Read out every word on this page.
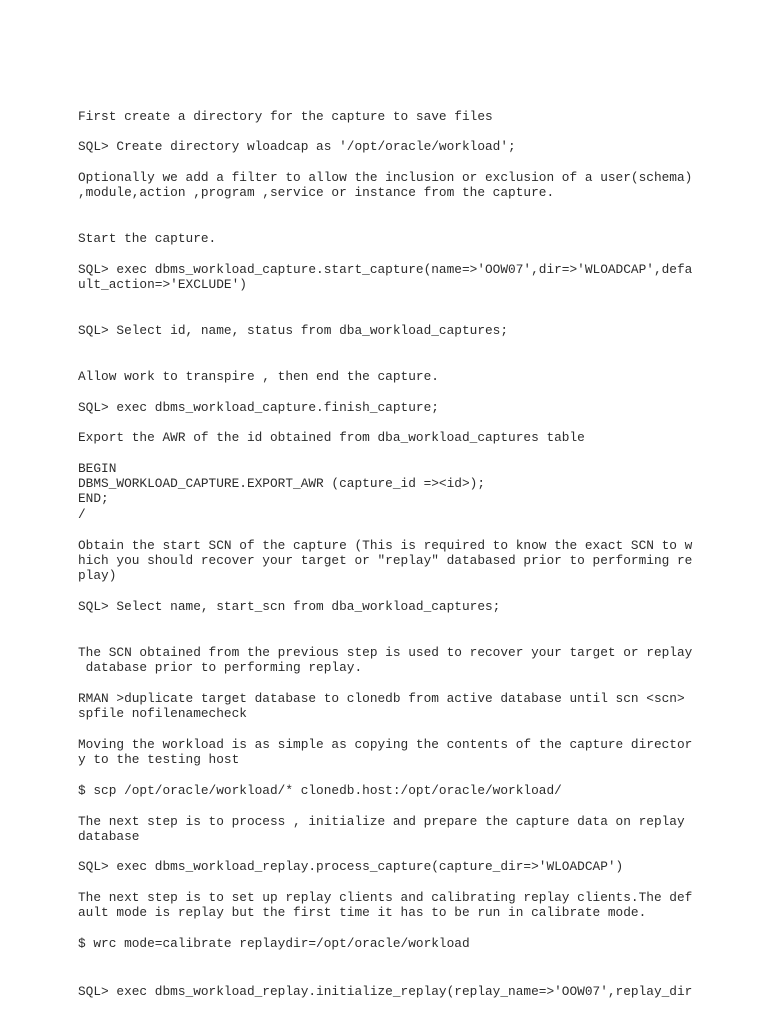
First create a directory for the capture to save files

SQL> Create directory wloadcap as '/opt/oracle/workload';

Optionally we add a filter to allow the inclusion or exclusion of a user(schema)

,module,action ,program ,service or instance from the capture.

Start the capture.

SQL> exec dbms_workload_capture.start_capture(name=>'OOW07',dir=>'WLOADCAP',defa

ult_action=>'EXCLUDE')

SQL> Select id, name, status from dba_workload_captures;

Allow work to transpire , then end the capture.

SQL> exec dbms_workload_capture.finish_capture;

Export the AWR of the id obtained from dba_workload_captures table

BEGIN

DBMS_WORKLOAD_CAPTURE.EXPORT_AWR (capture_id =><id>);

END;

/

Obtain the start SCN of the capture (This is required to know the exact SCN to w

hich you should recover your target or "replay" databased prior to performing re

play)

SQL> Select name, start_scn from dba_workload_captures;

The SCN obtained from the previous step is used to recover your target or replay

database prior to performing replay.

RMAN >duplicate target database to clonedb from active database until scn <scn>

spfile nofilenamecheck

Moving the workload is as simple as copying the contents of the capture director

y to the testing host

$ scp /opt/oracle/workload/* clonedb.host:/opt/oracle/workload/

The next step is to process , initialize and prepare the capture data on replay

database

SQL> exec dbms_workload_replay.process_capture(capture_dir=>'WLOADCAP')

The next step is to set up replay clients and calibrating replay clients.The def

ault mode is replay but the first time it has to be run in calibrate mode.

$ wrc mode=calibrate replaydir=/opt/oracle/workload

SQL> exec dbms_workload_replay.initialize_replay(replay_name=>'OOW07',replay_dir
